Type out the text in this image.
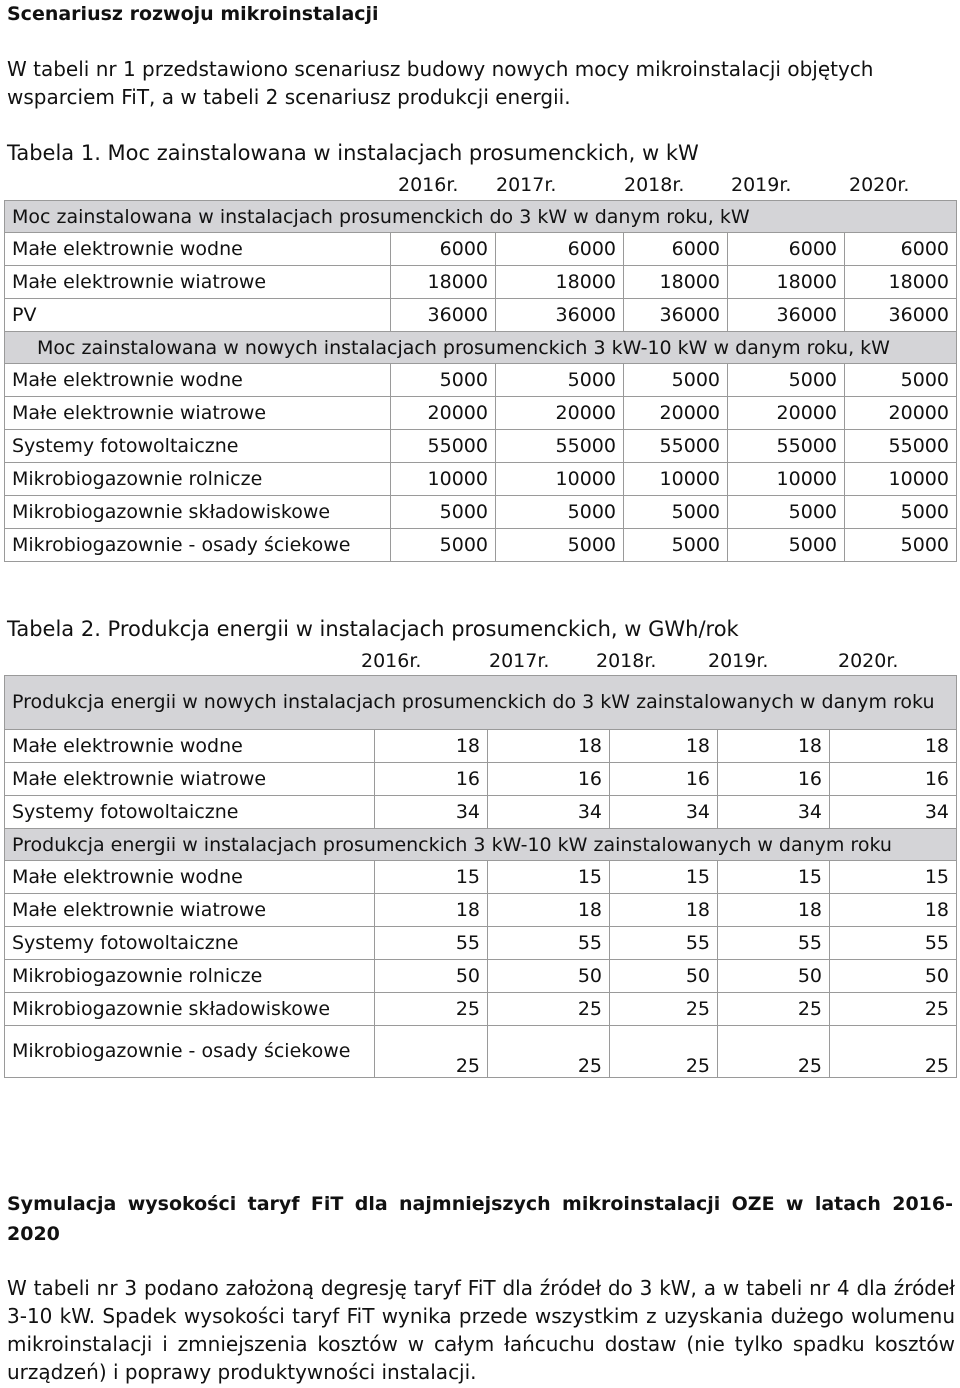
Scenariusz rozwoju mikroinstalacji

W tabeli nr 1 przedstawiono scenariusz budowy nowych mocy mikroinstalacji objętych wsparciem FiT, a w tabeli 2 scenariusz produkcji energii.

Tabela 1. Moc zainstalowana w instalacjach prosumenckich, w kW
2016r. 2017r.	2018r. 2019r.	2020r.
Moc zainstalowana w instalacjach prosumenckich do 3 kW w danym roku, kW					
Małe elektrownie wodne	6000	6000	6000	6000	6000
Małe elektrownie wiatrowe	18000	18000	18000	18000	18000
PV	36000	36000	36000	36000	36000
Moc zainstalowana w nowych instalacjach prosumenckich 3 kW-10 kW w danym roku, kW					
Małe elektrownie wodne	5000	5000	5000	5000	5000
Małe elektrownie wiatrowe	20000	20000	20000	20000	20000
Systemy fotowoltaiczne	55000	55000	55000	55000	55000
Mikrobiogazownie rolnicze	10000	10000	10000	10000	10000
Mikrobiogazownie składowiskowe	5000	5000	5000	5000	5000
Mikrobiogazownie - osady ściekowe	5000	5000	5000	5000	5000
Tabela 2. Produkcja energii w instalacjach prosumenckich, w GWh/rok
2016r.	2017r. 2018r.	2019r.	2020r.
Produkcja energii w nowych instalacjach prosumenckich do 3 kW zainstalowanych w danym roku					
Małe elektrownie wodne	18	18	18	18	18
Małe elektrownie wiatrowe	16	16	16	16	16
Systemy fotowoltaiczne	34	34	34	34	34
Produkcja energii w instalacjach prosumenckich 3 kW-10 kW zainstalowanych w danym roku					
Małe elektrownie wodne	15	15	15	15	15
Małe elektrownie wiatrowe	18	18	18	18	18
Systemy fotowoltaiczne	55	55	55	55	55
Mikrobiogazownie rolnicze	50	50	50	50	50
Mikrobiogazownie składowiskowe	25	25	25	25	25
Mikrobiogazownie - osady ściekowe	25	25	25	25	25
Symulacja wysokości taryf FiT dla najmniejszych mikroinstalacji OZE w latach 2016-2020

W tabeli nr 3 podano założoną degresję taryf FiT dla źródeł do 3 kW, a w tabeli nr 4 dla źródeł 3-10 kW. Spadek wysokości taryf FiT wynika przede wszystkim z uzyskania dużego wolumenu mikroinstalacji i zmniejszenia kosztów w całym łańcuchu dostaw (nie tylko spadku kosztów urządzeń) i poprawy produktywności instalacji.
